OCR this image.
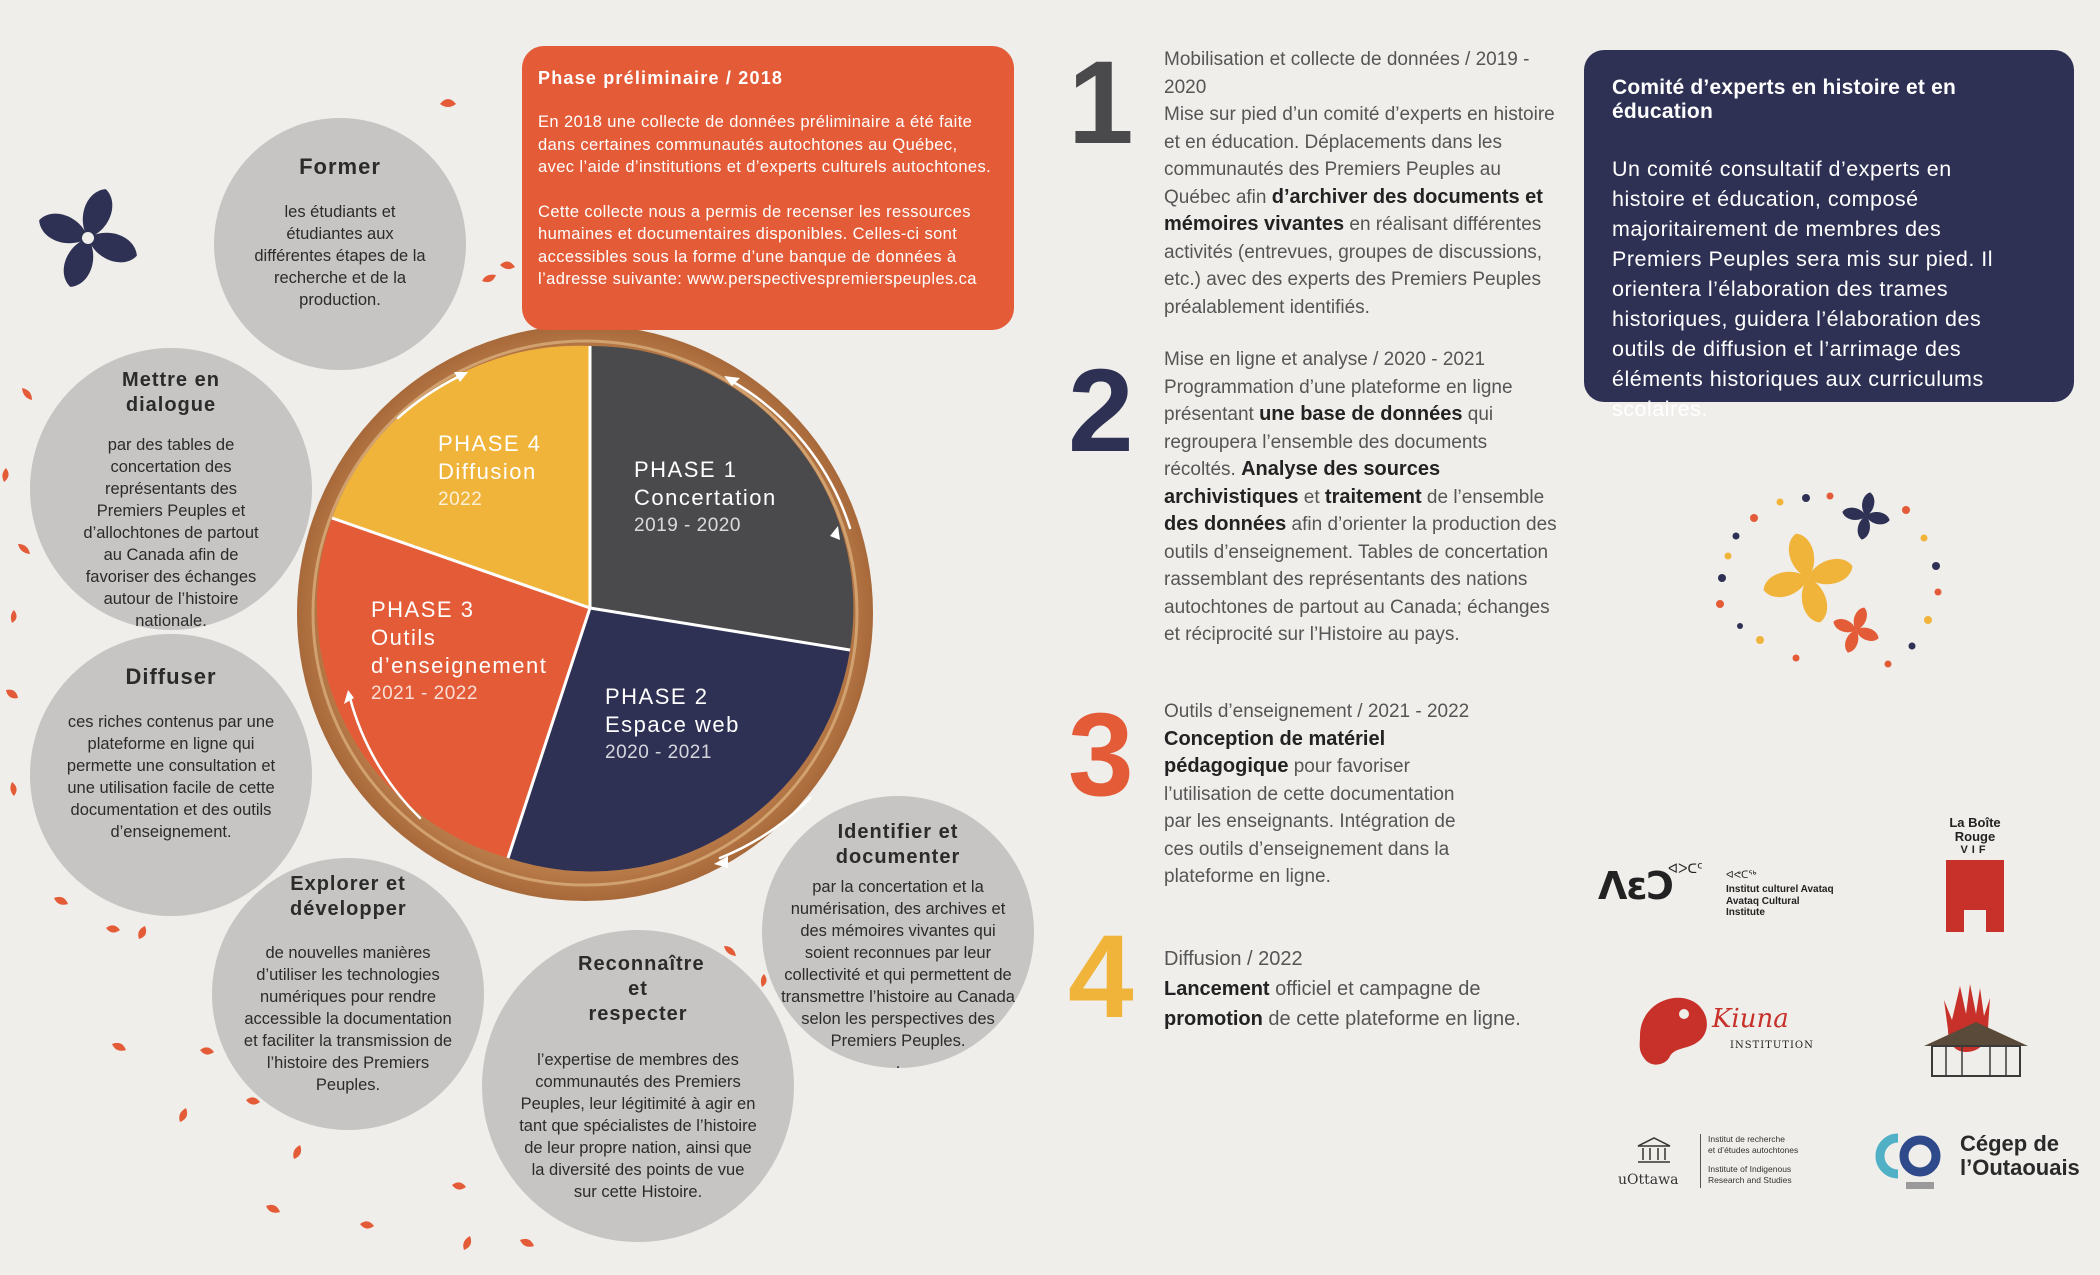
PHASE 1
Concertation
2019 - 2020
PHASE 2
Espace web
2020 - 2021
PHASE 3
Outils
d’enseignement
2021 - 2022
PHASE 4
Diffusion
2022
Former
les étudiants et étudiantes aux différentes étapes de la recherche et de la production.
Mettre en dialogue
par des tables de concertation des représentants des Premiers Peuples et d’allochtones de partout au Canada afin de favoriser des échanges autour de l’histoire nationale.
Diffuser
ces riches contenus par une plateforme en ligne qui permette une consultation et une utilisation facile de cette documentation et des outils d’enseignement.
Explorer et développer
de nouvelles manières d’utiliser les technologies numériques pour rendre accessible la documentation et faciliter la transmission de l’histoire des Premiers Peuples.
Reconnaître et respecter
l’expertise de membres des communautés des Premiers Peuples, leur légitimité à agir en tant que spécialistes de l’histoire de leur propre nation, ainsi que la diversité des points de vue sur cette Histoire.
Identifier et documenter
par la concertation et la numérisation, des archives et des mémoires vivantes qui soient reconnues par leur collectivité et qui permettent de transmettre l’histoire au Canada selon les perspectives des Premiers Peuples.
.
Phase préliminaire / 2018
En 2018 une collecte de données préliminaire a été faite dans certaines communautés autochtones au Québec, avec l’aide d’institutions et d’experts culturels autochtones.
Cette collecte nous a permis de recenser les ressources humaines et documentaires disponibles. Celles-ci sont accessibles sous la forme d’une banque de données à l’adresse suivante: www.perspectivespremierspeuples.ca
1 Mobilisation et collecte de données / 2019 - 2020
Mise sur pied d’un comité d’experts en histoire et en éducation. Déplacements dans les communautés des Premiers Peuples au Québec afin d’archiver des documents et mémoires vivantes en réalisant différentes activités (entrevues, groupes de discussions, etc.) avec des experts des Premiers Peuples préalablement identifiés.
2 Mise en ligne et analyse / 2020 - 2021
Programmation d’une plateforme en ligne présentant une base de données qui regroupera l’ensemble des documents récoltés. Analyse des sources archivistiques et traitement de l’ensemble des données afin d’orienter la production des outils d’enseignement. Tables de concertation rassemblant des représentants des nations autochtones de partout au Canada; échanges et réciprocité sur l’Histoire au pays.
3 Outils d’enseignement / 2021 - 2022
Conception de matériel pédagogique pour favoriser l’utilisation de cette documentation par les enseignants. Intégration de ces outils d’enseignement dans la plateforme en ligne.
4 Diffusion / 2022
Lancement officiel et campagne de promotion de cette plateforme en ligne.
Comité d’experts en histoire et en éducation
Un comité consultatif d’experts en histoire et éducation, composé majoritairement de membres des Premiers Peuples sera mis sur pied. Il orientera l’élaboration des trames historiques, guidera l’élaboration des outils de diffusion et l’arrimage des éléments historiques aux curriculums scolaires.
ɅɛƆ
ᐊᐳᑕᑦ ᐊᕙᑕᖅ
Institut culturel Avataq
Avataq Cultural Institute
La Boîte
Rouge
VIF
Kiuna
INSTITUTION
uOttawa
Institut de recherche
et d’études autochtones
Institute of Indigenous
Research and Studies
Cégep de
l’Outaouais
